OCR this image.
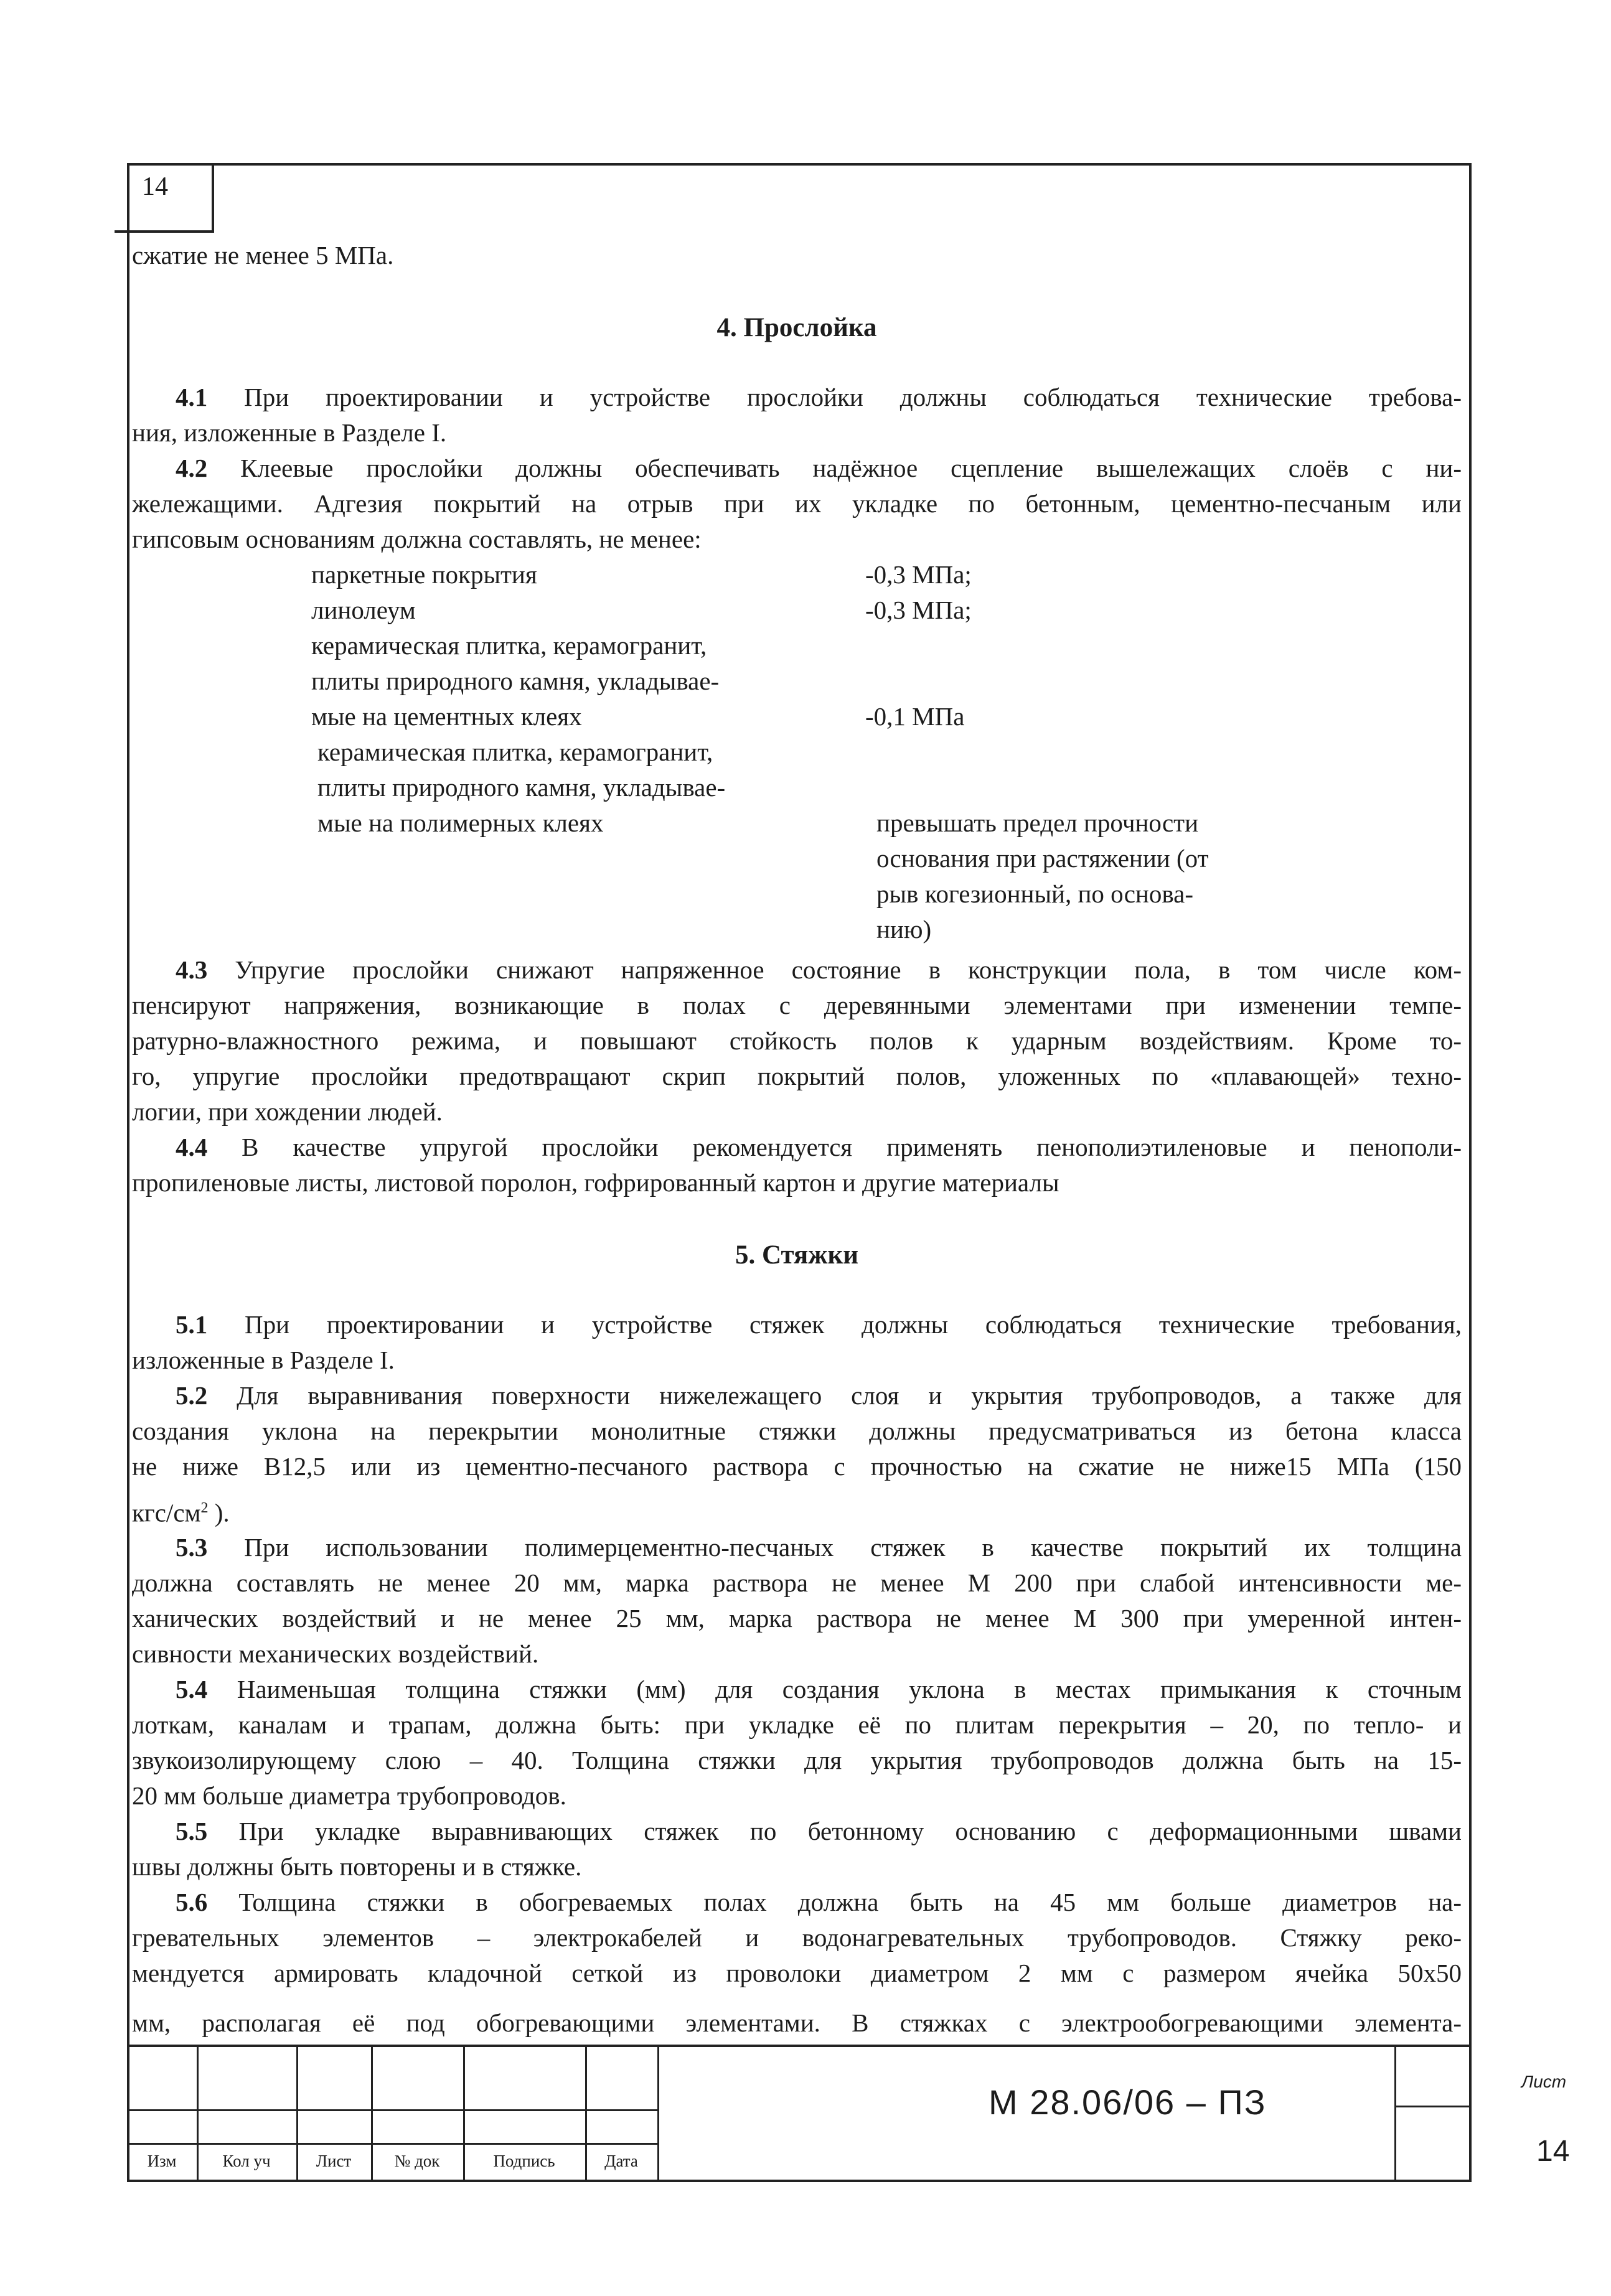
14
сжатие не менее 5 МПа.
4. Прослойка
4.1 При проектировании и устройстве прослойки должны соблюдаться технические требова-
ния, изложенные в Разделе I.
4.2 Клеевые прослойки должны обеспечивать надёжное сцепление вышележащих слоёв с ни-
жележащими. Адгезия покрытий на отрыв при их укладке по бетонным, цементно-песчаным или
гипсовым основаниям должна составлять, не менее:
паркетные покрытия	-0,3 МПа;
линолеум	-0,3 МПа;
керамическая плитка, керамогранит,
плиты природного камня, укладывае-
мые на цементных клеях	-0,1 МПа
керамическая плитка, керамогранит,
плиты природного камня, укладывае-
мые на полимерных клеях	превышать предел прочности
основания при растяжении (от
рыв когезионный, по основа-
нию)
4.3 Упругие прослойки снижают напряженное состояние в конструкции пола, в том числе ком-
пенсируют напряжения, возникающие в полах с деревянными элементами при изменении темпе-
ратурно-влажностного режима, и повышают стойкость полов к ударным воздействиям. Кроме то-
го, упругие прослойки предотвращают скрип покрытий полов, уложенных по «плавающей» техно-
логии, при хождении людей.
4.4 В качестве упругой прослойки рекомендуется применять пенополиэтиленовые и пенополи-
пропиленовые листы, листовой поролон, гофрированный картон и другие материалы
5. Стяжки
5.1 При проектировании и устройстве стяжек должны соблюдаться технические требования,
изложенные в Разделе I.
5.2 Для выравнивания поверхности нижележащего слоя и укрытия трубопроводов, а также для
создания уклона на перекрытии монолитные стяжки должны предусматриваться из бетона класса
не ниже В12,5 или из цементно-песчаного раствора с прочностью на сжатие не ниже15 МПа (150
кгс/$см^2$ ).
5.3 При использовании полимерцементно-песчаных стяжек в качестве покрытий их толщина
должна составлять не менее 20 мм, марка раствора не менее М 200 при слабой интенсивности ме-
ханических воздействий и не менее 25 мм, марка раствора не менее М 300 при умеренной интен-
сивности механических воздействий.
5.4 Наименьшая толщина стяжки (мм) для создания уклона в местах примыкания к сточным
лоткам, каналам и трапам, должна быть: при укладке её по плитам перекрытия – 20, по тепло- и
звукоизолирующему слою – 40. Толщина стяжки для укрытия трубопроводов должна быть на 15-
20 мм больше диаметра трубопроводов.
5.5 При укладке выравнивающих стяжек по бетонному основанию с деформационными швами
швы должны быть повторены и в стяжке.
5.6 Толщина стяжки в обогреваемых полах должна быть на 45 мм больше диаметров на-
гревательных элементов – электрокабелей и водонагревательных трубопроводов. Стяжку реко-
мендуется армировать кладочной сеткой из проволоки диаметром 2 мм с размером ячейка 50х50
мм, располагая её под обогревающими элементами. В стяжках с электрообогревающими элемента-
Изм	Кол уч	Лист	№ док	Подпись	Дата
М 28.06/06 – ПЗ
Лист
14
